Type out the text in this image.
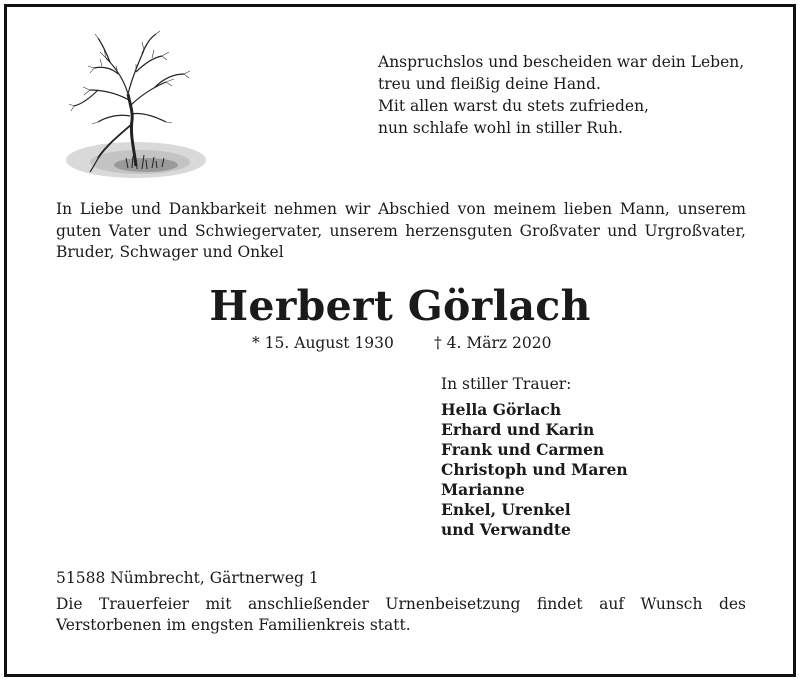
Anspruchslos und bescheiden war dein Leben,
treu und fleißig deine Hand.
Mit allen warst du stets zufrieden,
nun schlafe wohl in stiller Ruh.
In Liebe und Dankbarkeit nehmen wir Abschied von meinem lieben Mann, unserem
guten Vater und Schwiegervater, unserem herzensguten Großvater und Urgroßvater,
Bruder, Schwager und Onkel
Herbert Görlach
* 15. August 1930	† 4. März 2020
In stiller Trauer:
Hella Görlach
Erhard und Karin
Frank und Carmen
Christoph und Maren
Marianne
Enkel, Urenkel
und Verwandte
51588 Nümbrecht, Gärtnerweg 1
Die Trauerfeier mit anschließender Urnenbeisetzung findet auf Wunsch des
Verstorbenen im engsten Familienkreis statt.
